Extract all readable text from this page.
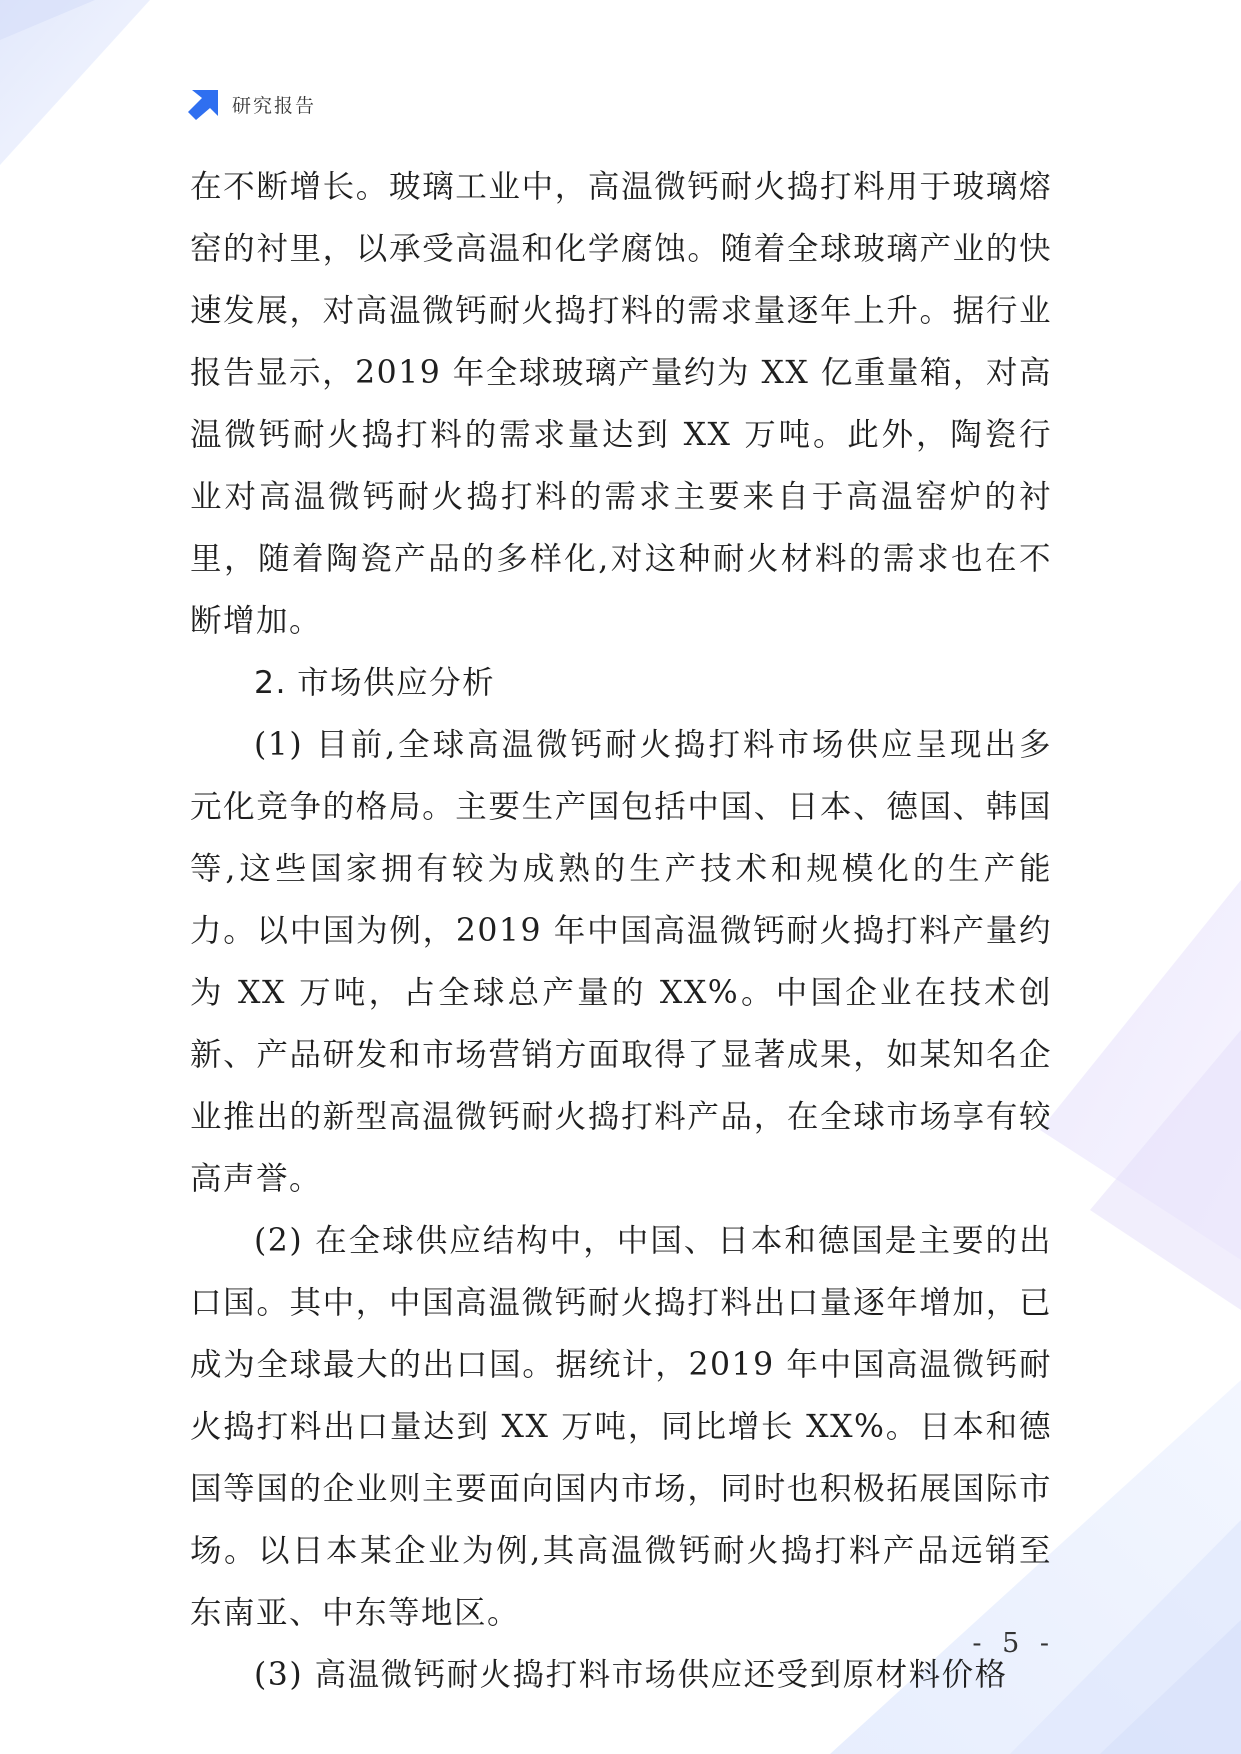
研究报告

在不断增长。玻璃工业中，高温微钙耐火捣打料用于玻璃熔窑的衬里，以承受高温和化学腐蚀。随着全球玻璃产业的快速发展，对高温微钙耐火捣打料的需求量逐年上升。据行业报告显示，2019 年全球玻璃产量约为 XX 亿重量箱，对高温微钙耐火捣打料的需求量达到 XX 万吨。此外，陶瓷行业对高温微钙耐火捣打料的需求主要来自于高温窑炉的衬里，随着陶瓷产品的多样化,对这种耐火材料的需求也在不断增加。

2. 市场供应分析

(1) 目前,全球高温微钙耐火捣打料市场供应呈现出多元化竞争的格局。主要生产国包括中国、日本、德国、韩国等,这些国家拥有较为成熟的生产技术和规模化的生产能力。以中国为例，2019 年中国高温微钙耐火捣打料产量约为 XX 万吨，占全球总产量的 XX%。中国企业在技术创新、产品研发和市场营销方面取得了显著成果，如某知名企业推出的新型高温微钙耐火捣打料产品，在全球市场享有较高声誉。

(2) 在全球供应结构中，中国、日本和德国是主要的出口国。其中，中国高温微钙耐火捣打料出口量逐年增加，已成为全球最大的出口国。据统计，2019 年中国高温微钙耐火捣打料出口量达到 XX 万吨，同比增长 XX%。日本和德国等国的企业则主要面向国内市场，同时也积极拓展国际市场。以日本某企业为例,其高温微钙耐火捣打料产品远销至东南亚、中东等地区。

(3) 高温微钙耐火捣打料市场供应还受到原材料价格

- 5 -
